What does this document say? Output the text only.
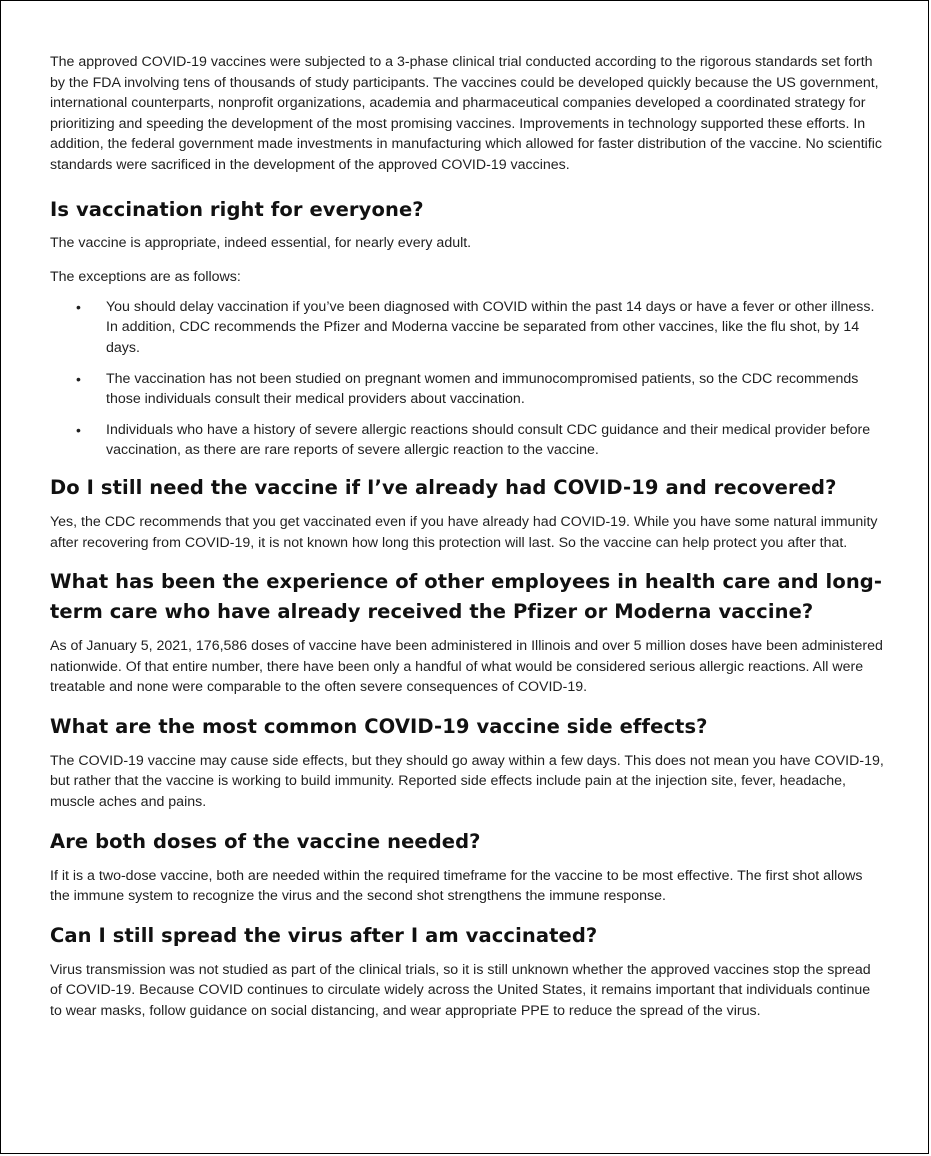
The approved COVID-19 vaccines were subjected to a 3-phase clinical trial conducted according to the rigorous standards set forth by the FDA involving tens of thousands of study participants. The vaccines could be developed quickly because the US government, international counterparts, nonprofit organizations, academia and pharmaceutical companies developed a coordinated strategy for prioritizing and speeding the development of the most promising vaccines. Improvements in technology supported these efforts. In addition, the federal government made investments in manufacturing which allowed for faster distribution of the vaccine. No scientific standards were sacrificed in the development of the approved COVID-19 vaccines.

Is vaccination right for everyone?

The vaccine is appropriate, indeed essential, for nearly every adult.

The exceptions are as follows:

• You should delay vaccination if you’ve been diagnosed with COVID within the past 14 days or have a fever or other illness. In addition, CDC recommends the Pfizer and Moderna vaccine be separated from other vaccines, like the flu shot, by 14 days.
• The vaccination has not been studied on pregnant women and immunocompromised patients, so the CDC recommends those individuals consult their medical providers about vaccination.
• Individuals who have a history of severe allergic reactions should consult CDC guidance and their medical provider before vaccination, as there are rare reports of severe allergic reaction to the vaccine.
Do I still need the vaccine if I’ve already had COVID-19 and recovered?

Yes, the CDC recommends that you get vaccinated even if you have already had COVID-19. While you have some natural immunity after recovering from COVID-19, it is not known how long this protection will last. So the vaccine can help protect you after that.

What has been the experience of other employees in health care and long-term care who have already received the Pfizer or Moderna vaccine?

As of January 5, 2021, 176,586 doses of vaccine have been administered in Illinois and over 5 million doses have been administered nationwide. Of that entire number, there have been only a handful of what would be considered serious allergic reactions. All were treatable and none were comparable to the often severe consequences of COVID-19.

What are the most common COVID-19 vaccine side effects?

The COVID-19 vaccine may cause side effects, but they should go away within a few days. This does not mean you have COVID-19, but rather that the vaccine is working to build immunity. Reported side effects include pain at the injection site, fever, headache, muscle aches and pains.

Are both doses of the vaccine needed?

If it is a two-dose vaccine, both are needed within the required timeframe for the vaccine to be most effective. The first shot allows the immune system to recognize the virus and the second shot strengthens the immune response.

Can I still spread the virus after I am vaccinated?

Virus transmission was not studied as part of the clinical trials, so it is still unknown whether the approved vaccines stop the spread of COVID-19. Because COVID continues to circulate widely across the United States, it remains important that individuals continue to wear masks, follow guidance on social distancing, and wear appropriate PPE to reduce the spread of the virus.
